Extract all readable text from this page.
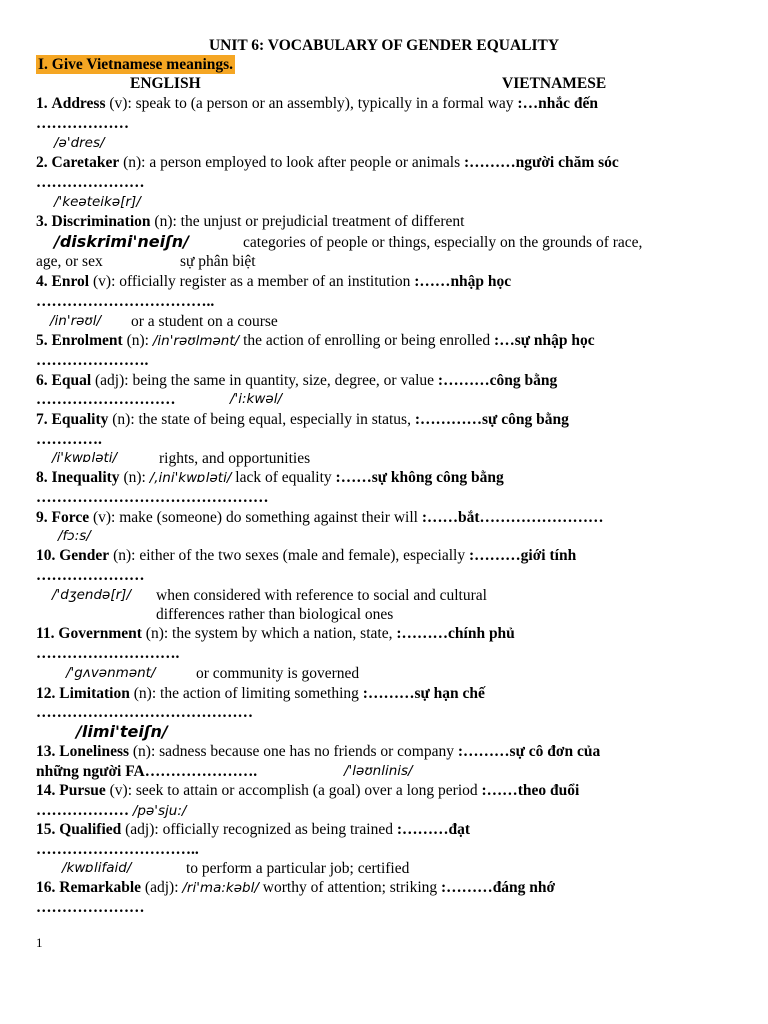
UNIT 6: VOCABULARY OF GENDER EQUALITY
I. Give Vietnamese meanings.
ENGLISH	VIETNAMESE
1. Address (v): speak to (a person or an assembly), typically in a formal way :…nhắc đến
………………
/ə'dres/
2. Caretaker (n): a person employed to look after people or animals :………người chăm sóc
…………………
/'keəteikə[r]/
3. Discrimination (n): the unjust or prejudicial treatment of different
/diskrimi'neiʃn/	categories of people or things, especially on the grounds of race,
age, or sex	sự phân biệt
4. Enrol (v): officially register as a member of an institution :……nhập học
……………………………..
/in'rəʊl/ or a student on a course
5. Enrolment (n): /in'rəʊlmənt/ the action of enrolling or being enrolled :…sự nhập học
………………….
6. Equal (adj): being the same in quantity, size, degree, or value :………công bằng
………………………	/'i:kwəl/
7. Equality (n): the state of being equal, especially in status, :…………sự công bằng
………….
/i'kwɒləti/	rights, and opportunities
8. Inequality (n): /,ini'kwɒləti/ lack of equality :……sự không công bằng
………………………………………
9. Force (v): make (someone) do something against their will :……bắt……………………
/fɔ:s/
10. Gender (n): either of the two sexes (male and female), especially :………giới tính
…………………
/'dʒendə[r]/ when considered with reference to social and cultural
differences rather than biological ones
11. Government (n): the system by which a nation, state, :………chính phủ
……………………….
/'gʌvənmənt/	or community is governed
12. Limitation (n): the action of limiting something :………sự hạn chế
……………………………………
/limi'teiʃn/
13. Loneliness (n): sadness because one has no friends or company :………sự cô đơn của
những người FA………………….	/'ləʊnlinis/
14. Pursue (v): seek to attain or accomplish (a goal) over a long period :……theo đuổi
……………… /pə'sju:/
15. Qualified (adj): officially recognized as being trained :………đạt
…………………………..
/kwɒlifaid/	to perform a particular job; certified
16. Remarkable (adj): /ri'ma:kəbl/ worthy of attention; striking :………đáng nhớ
…………………
1
